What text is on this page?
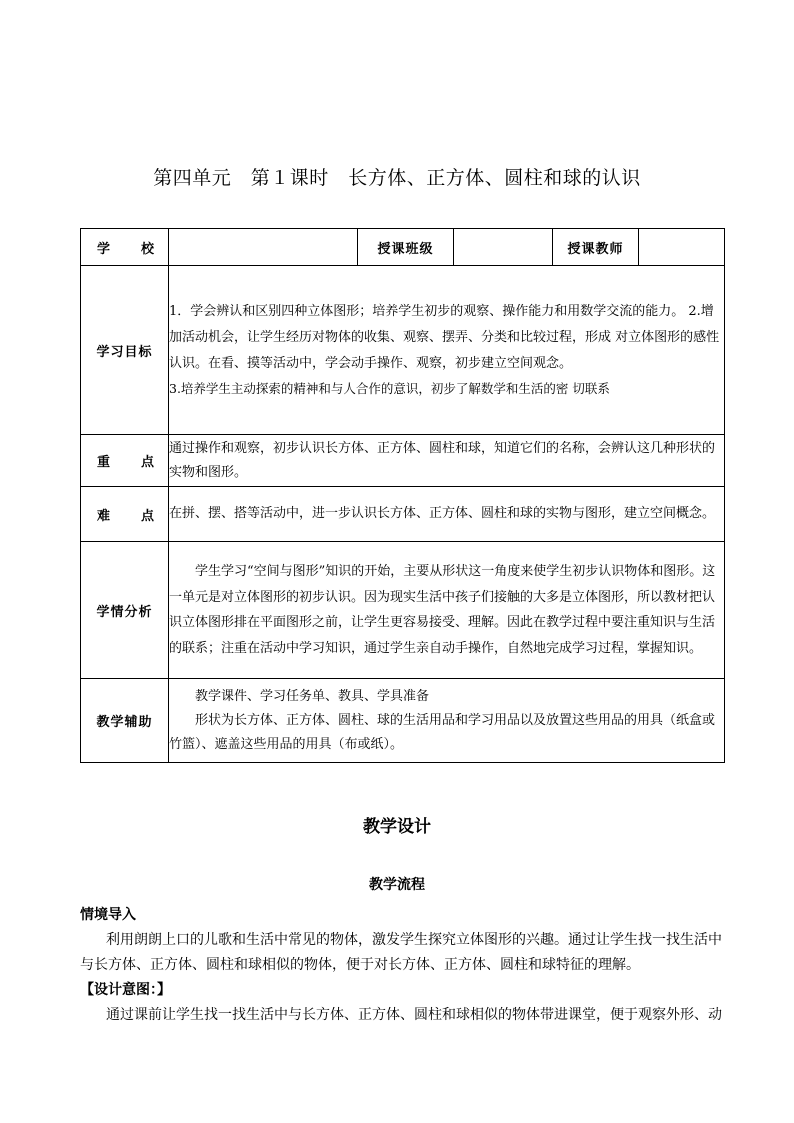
第四单元　第１课时　长方体、正方体、圆柱和球的认识
学 校		授课班级		授课教师	
学习目标	1．学会辨认和区别四种立体图形；培养学生初步的观察、操作能力和用数学交流的能力。 2.增加活动机会，让学生经历对物体的收集、观察、摆弄、分类和比较过程，形成 对立体图形的感性认识。在看、摸等活动中，学会动手操作、观察，初步建立空间观念。

3.培养学生主动探索的精神和与人合作的意识，初步了解数学和生活的密 切联系				

重 点	通过操作和观察，初步认识长方体、正方体、圆柱和球，知道它们的名称，会辨认这几种形状的实物和图形。				

难 点	在拼、摆、搭等活动中，进一步认识长方体、正方体、圆柱和球的实物与图形，建立空间概念。				
学情分析	学生学习“空间与图形”知识的开始，主要从形状这一角度来使学生初步认识物体和图形。这一单元是对立体图形的初步认识。因为现实生活中孩子们接触的大多是立体图形，所以教材把认识立体图形排在平面图形之前，让学生更容易接受、理解。因此在教学过程中要注重知识与生活的联系；注重在活动中学习知识，通过学生亲自动手操作，自然地完成学习过程，掌握知识。				
教学辅助	教学课件、学习任务单、教具、学具准备

形状为长方体、正方体、圆柱、球的生活用品和学习用品以及放置这些用品的用具（纸盒或竹篮）、遮盖这些用品的用具（布或纸）。				

教学设计
教学流程
情境导入
利用朗朗上口的儿歌和生活中常见的物体，激发学生探究立体图形的兴趣。通过让学生找一找生活中与长方体、正方体、圆柱和球相似的物体，便于对长方体、正方体、圆柱和球特征的理解。
【设计意图：】
通过课前让学生找一找生活中与长方体、正方体、圆柱和球相似的物体带进课堂，便于观察外形、动
